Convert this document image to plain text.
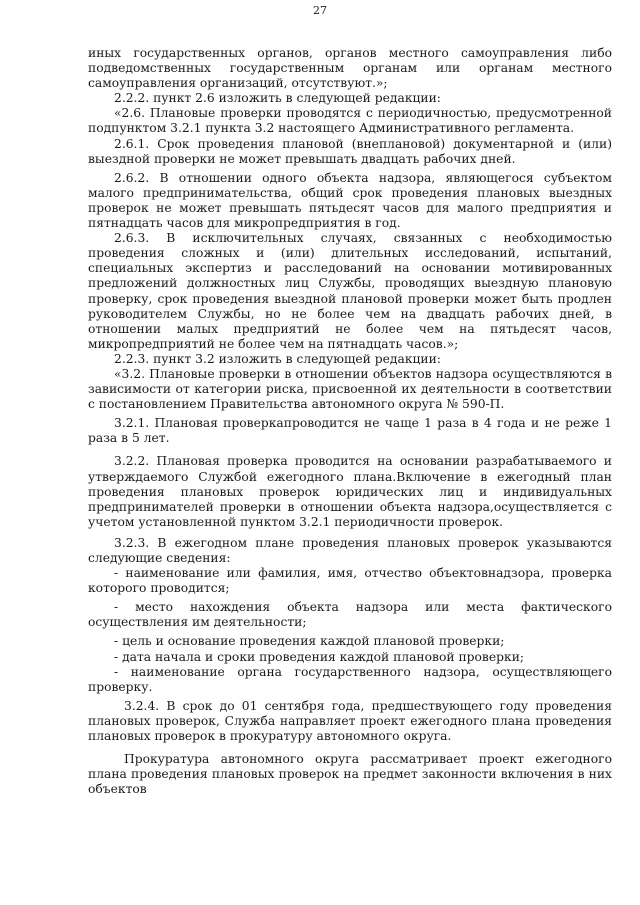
27

иных государственных органов, органов местного самоуправления либо подведомственных государственным органам или органам местного самоуправления организаций, отсутствуют.»;

2.2.2. пункт 2.6 изложить в следующей редакции:

«2.6. Плановые проверки проводятся с периодичностью, предусмотренной подпунктом 3.2.1 пункта 3.2 настоящего Административного регламента.

2.6.1. Срок проведения плановой (внеплановой) документарной и (или) выездной проверки не может превышать двадцать рабочих дней.

2.6.2. В отношении одного объекта надзора, являющегося субъектом малого предпринимательства, общий срок проведения плановых выездных проверок не может превышать пятьдесят часов для малого предприятия и пятнадцать часов для микропредприятия в год.

2.6.3. В исключительных случаях, связанных с необходимостью проведения сложных и (или) длительных исследований, испытаний, специальных экспертиз и расследований на основании мотивированных предложений должностных лиц Службы, проводящих выездную плановую проверку, срок проведения выездной плановой проверки может быть продлен руководителем Службы, но не более чем на двадцать рабочих дней, в отношении малых предприятий не более чем на пятьдесят часов, микропредприятий не более чем на пятнадцать часов.»;

2.2.3. пункт 3.2 изложить в следующей редакции:

«3.2. Плановые проверки в отношении объектов надзора осуществляются в зависимости от категории риска, присвоенной их деятельности в соответствии с постановлением Правительства автономного округа № 590-П.

3.2.1. Плановая проверкапроводится не чаще 1 раза в 4 года и не реже 1 раза в 5 лет.

3.2.2. Плановая проверка проводится на основании разрабатываемого и утверждаемого Службой ежегодного плана.Включение в ежегодный план проведения плановых проверок юридических лиц и индивидуальных предпринимателей проверки в отношении объекта надзора,осуществляется с учетом установленной пунктом 3.2.1 периодичности проверок.

3.2.3. В ежегодном плане проведения плановых проверок указываются следующие сведения:

- наименование или фамилия, имя, отчество объектовнадзора, проверка которого проводится;

- место нахождения объекта надзора или места фактического осуществления им деятельности;

- цель и основание проведения каждой плановой проверки;

- дата начала и сроки проведения каждой плановой проверки;

- наименование органа государственного надзора, осуществляющего проверку.

3.2.4. В срок до 01 сентября года, предшествующего году проведения плановых проверок, Служба направляет проект ежегодного плана проведения плановых проверок в прокуратуру автономного округа.

Прокуратура автономного округа рассматривает проект ежегодного плана проведения плановых проверок на предмет законности включения в них объектов
